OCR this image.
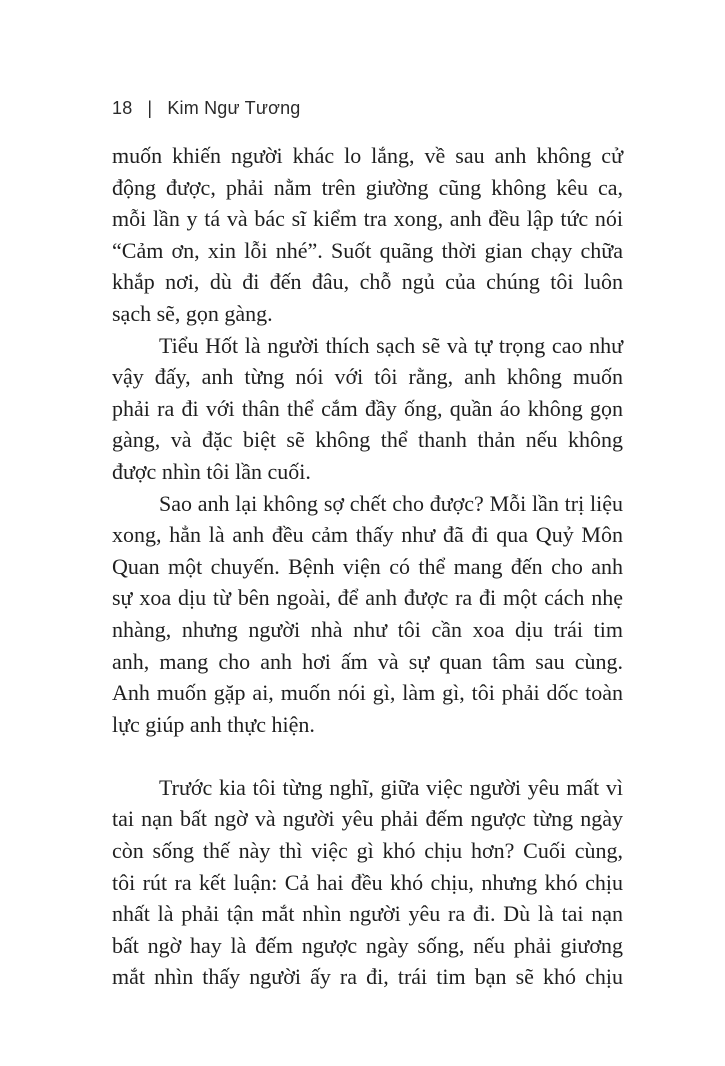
18 | Kim Ngư Tương

muốn khiến người khác lo lắng, về sau anh không cử

động được, phải nằm trên giường cũng không kêu ca,

mỗi lần y tá và bác sĩ kiểm tra xong, anh đều lập tức nói

“Cảm ơn, xin lỗi nhé”. Suốt quãng thời gian chạy chữa

khắp nơi, dù đi đến đâu, chỗ ngủ của chúng tôi luôn

sạch sẽ, gọn gàng.

Tiểu Hốt là người thích sạch sẽ và tự trọng cao như

vậy đấy, anh từng nói với tôi rằng, anh không muốn

phải ra đi với thân thể cắm đầy ống, quần áo không gọn

gàng, và đặc biệt sẽ không thể thanh thản nếu không

được nhìn tôi lần cuối.

Sao anh lại không sợ chết cho được? Mỗi lần trị liệu

xong, hẳn là anh đều cảm thấy như đã đi qua Quỷ Môn

Quan một chuyến. Bệnh viện có thể mang đến cho anh

sự xoa dịu từ bên ngoài, để anh được ra đi một cách nhẹ

nhàng, nhưng người nhà như tôi cần xoa dịu trái tim

anh, mang cho anh hơi ấm và sự quan tâm sau cùng.

Anh muốn gặp ai, muốn nói gì, làm gì, tôi phải dốc toàn

lực giúp anh thực hiện.

Trước kia tôi từng nghĩ, giữa việc người yêu mất vì

tai nạn bất ngờ và người yêu phải đếm ngược từng ngày

còn sống thế này thì việc gì khó chịu hơn? Cuối cùng,

tôi rút ra kết luận: Cả hai đều khó chịu, nhưng khó chịu

nhất là phải tận mắt nhìn người yêu ra đi. Dù là tai nạn

bất ngờ hay là đếm ngược ngày sống, nếu phải giương

mắt nhìn thấy người ấy ra đi, trái tim bạn sẽ khó chịu
